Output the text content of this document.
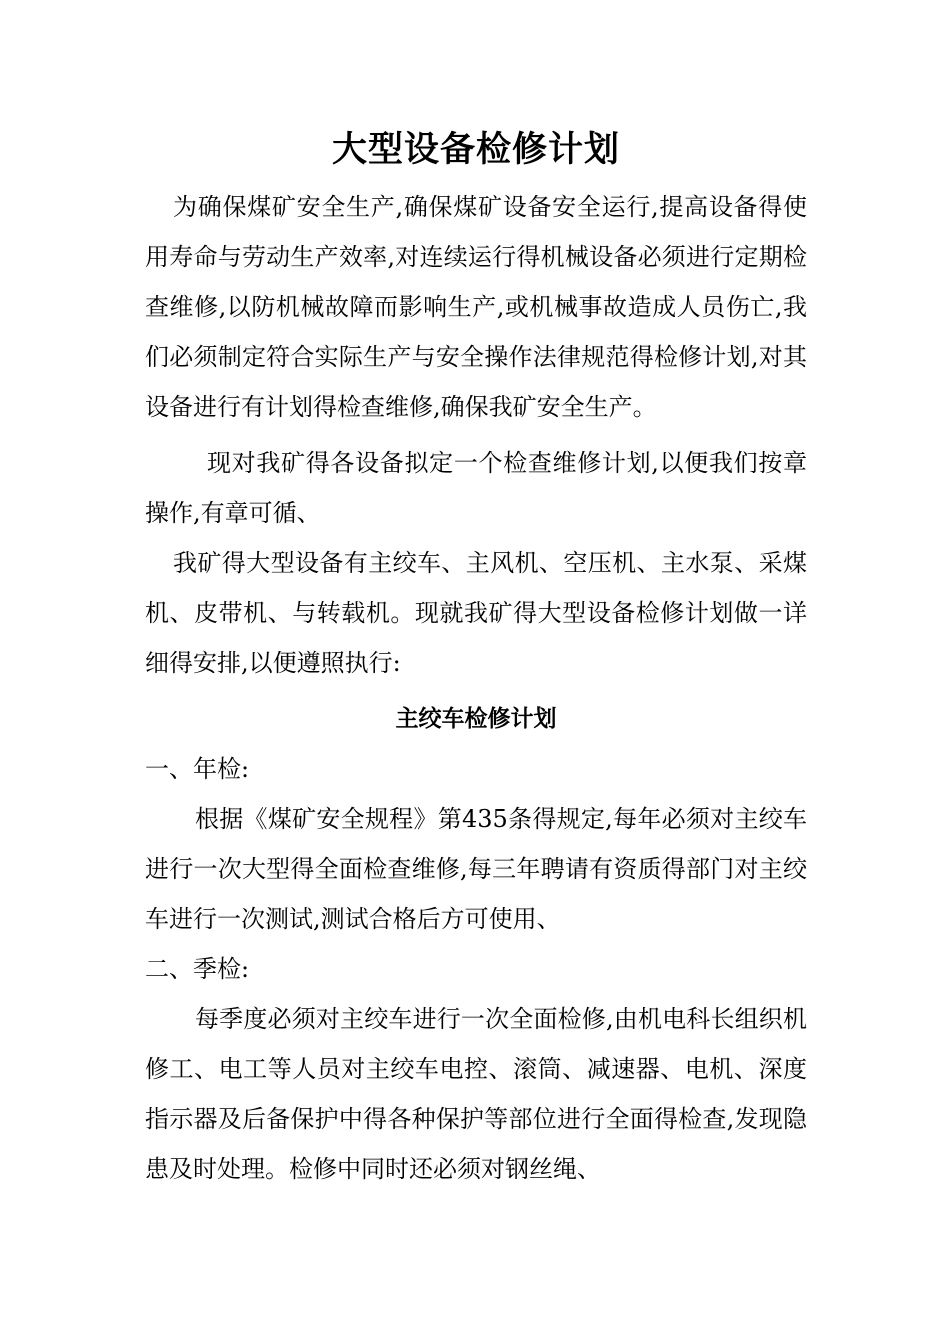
大型设备检修计划

为确保煤矿安全生产,确保煤矿设备安全运行,提高设备得使用寿命与劳动生产效率,对连续运行得机械设备必须进行定期检查维修,以防机械故障而影响生产,或机械事故造成人员伤亡,我们必须制定符合实际生产与安全操作法律规范得检修计划,对其设备进行有计划得检查维修,确保我矿安全生产。

现对我矿得各设备拟定一个检查维修计划,以便我们按章操作,有章可循、

我矿得大型设备有主绞车、主风机、空压机、主水泵、采煤机、皮带机、与转载机。现就我矿得大型设备检修计划做一详细得安排,以便遵照执行:

主绞车检修计划

一、年检:

根据《煤矿安全规程》第435条得规定,每年必须对主绞车进行一次大型得全面检查维修,每三年聘请有资质得部门对主绞车进行一次测试,测试合格后方可使用、

二、季检:

每季度必须对主绞车进行一次全面检修,由机电科长组织机修工、电工等人员对主绞车电控、滚筒、减速器、电机、深度指示器及后备保护中得各种保护等部位进行全面得检查,发现隐患及时处理。检修中同时还必须对钢丝绳、
